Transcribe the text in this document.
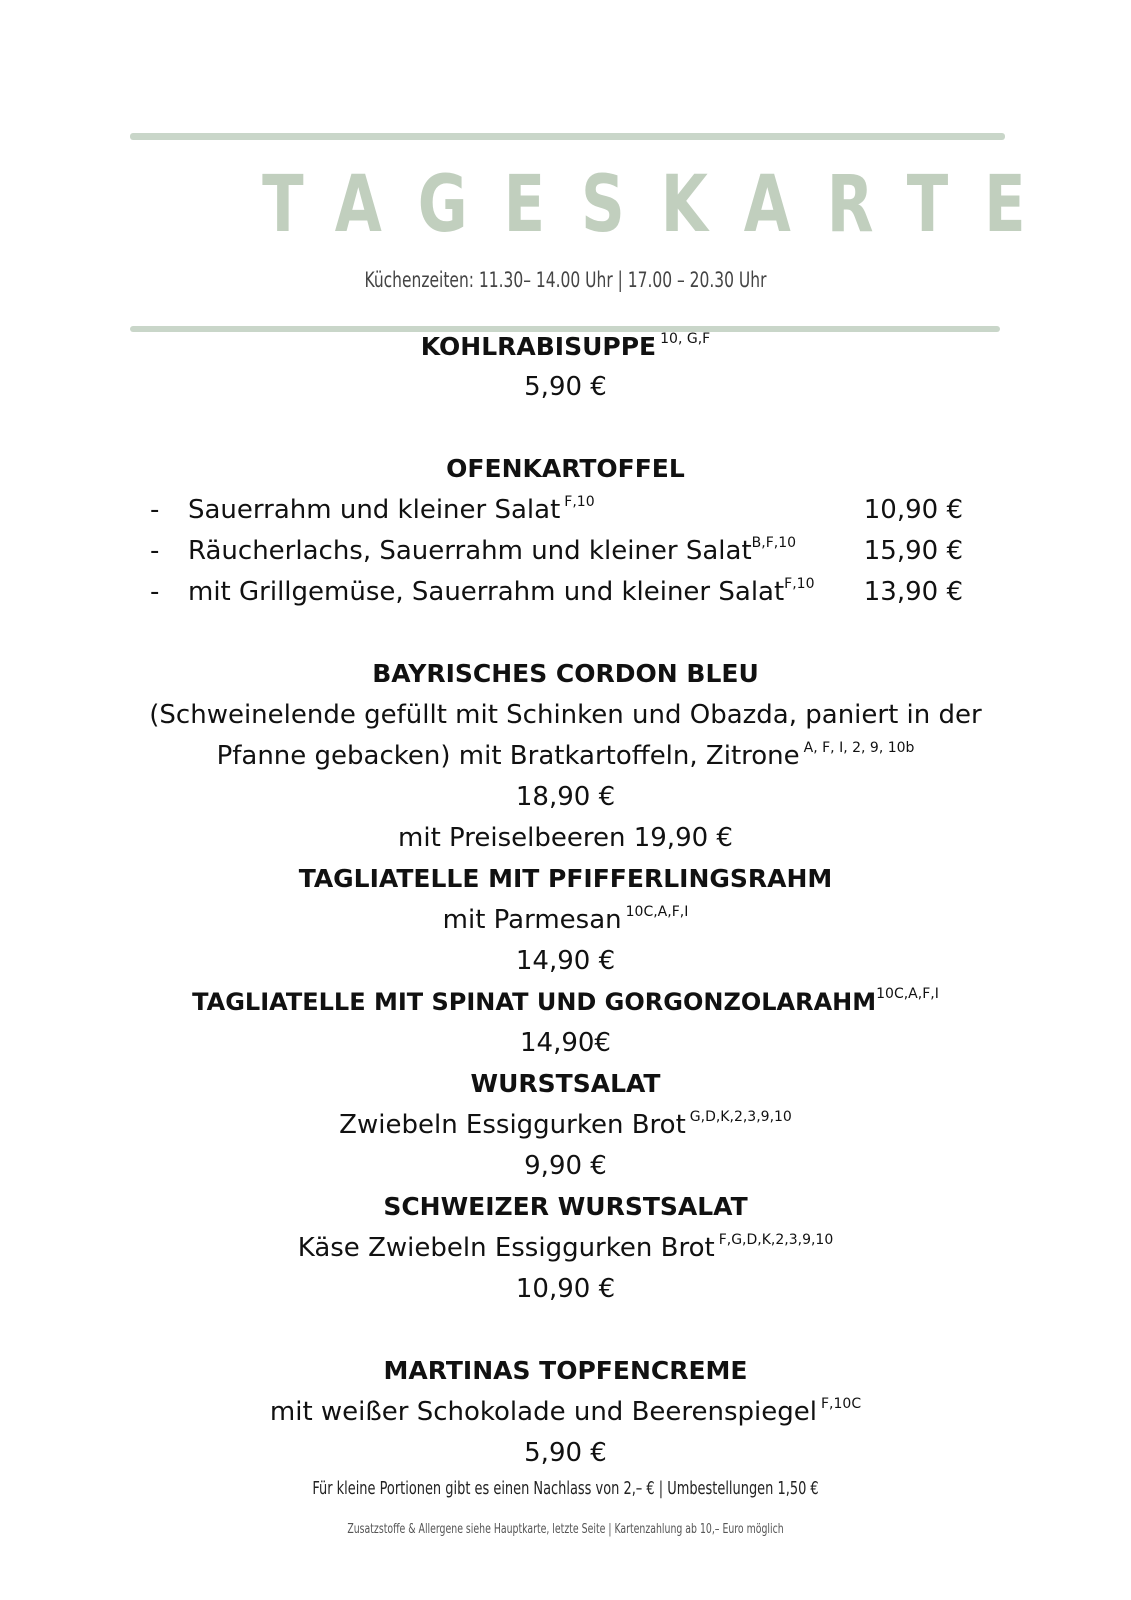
TAGESKARTE
Küchenzeiten: 11.30– 14.00 Uhr | 17.00 – 20.30 Uhr
KOHLRABISUPPE $^{10, G,F}$
5,90 €
OFENKARTOFFEL
- Sauerrahm und kleiner Salat $^{F,10}$	10,90 €
- Räucherlachs, Sauerrahm und kleiner Salat$^{B,F,10}$	15,90 €
- mit Grillgemüse, Sauerrahm und kleiner Salat$^{F,10}$ 13,90 €
BAYRISCHES CORDON BLEU
(Schweinelende gefüllt mit Schinken und Obazda, paniert in der
Pfanne gebacken) mit Bratkartoffeln, Zitrone $^{A, F, I, 2, 9, 10b}$
18,90 €
mit Preiselbeeren 19,90 €
TAGLIATELLE MIT PFIFFERLINGSRAHM
mit Parmesan $^{10C,A,F,I}$
14,90 €
TAGLIATELLE MIT SPINAT UND $GORGONZOLARAHM^{10C,A,F,I}$
14,90€
WURSTSALAT
Zwiebeln Essiggurken Brot $^{G,D,K,2,3,9,10}$
9,90 €
SCHWEIZER WURSTSALAT
Käse Zwiebeln Essiggurken Brot $^{F,G,D,K,2,3,9,10}$
10,90 €
MARTINAS TOPFENCREME
mit weißer Schokolade und Beerenspiegel $^{F,10C}$
5,90 €
Für kleine Portionen gibt es einen Nachlass von 2,– € | Umbestellungen 1,50 €
Zusatzstoffe & Allergene siehe Hauptkarte, letzte Seite | Kartenzahlung ab 10,– Euro möglich
